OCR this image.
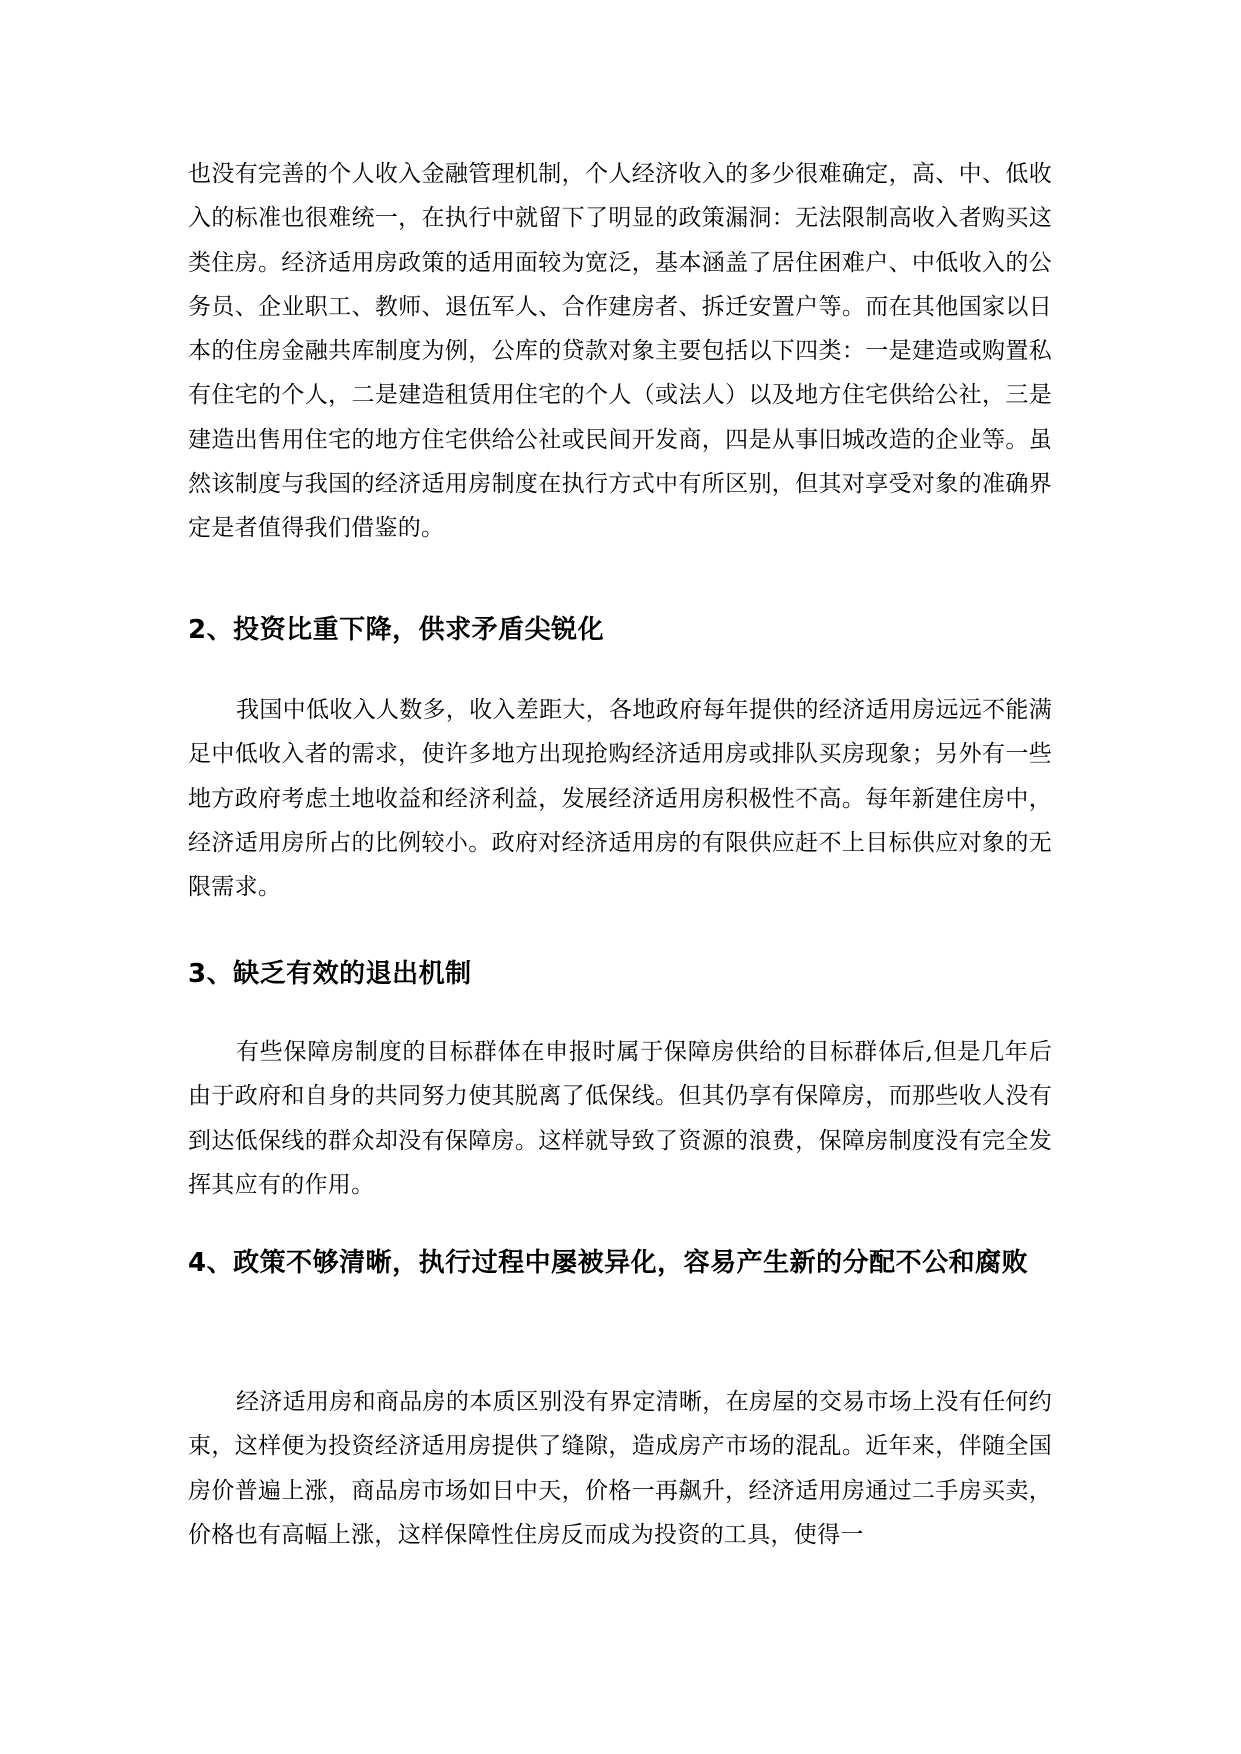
也没有完善的个人收入金融管理机制，个人经济收入的多少很难确定，高、中、低收入的标准也很难统一，在执行中就留下了明显的政策漏洞：无法限制高收入者购买这类住房。经济适用房政策的适用面较为宽泛，基本涵盖了居住困难户、中低收入的公务员、企业职工、教师、退伍军人、合作建房者、拆迁安置户等。而在其他国家以日本的住房金融共库制度为例，公库的贷款对象主要包括以下四类：一是建造或购置私有住宅的个人，二是建造租赁用住宅的个人（或法人）以及地方住宅供给公社，三是建造出售用住宅的地方住宅供给公社或民间开发商，四是从事旧城改造的企业等。虽然该制度与我国的经济适用房制度在执行方式中有所区别，但其对享受对象的准确界定是者值得我们借鉴的。

2、投资比重下降，供求矛盾尖锐化

我国中低收入人数多，收入差距大，各地政府每年提供的经济适用房远远不能满足中低收入者的需求，使许多地方出现抢购经济适用房或排队买房现象；另外有一些地方政府考虑土地收益和经济利益，发展经济适用房积极性不高。每年新建住房中，经济适用房所占的比例较小。政府对经济适用房的有限供应赶不上目标供应对象的无限需求。

3、缺乏有效的退出机制

有些保障房制度的目标群体在申报时属于保障房供给的目标群体后,但是几年后由于政府和自身的共同努力使其脱离了低保线。但其仍享有保障房，而那些收人没有到达低保线的群众却没有保障房。这样就导致了资源的浪费，保障房制度没有完全发挥其应有的作用。

4、政策不够清晰，执行过程中屡被异化，容易产生新的分配不公和腐败

经济适用房和商品房的本质区别没有界定清晰，在房屋的交易市场上没有任何约束，这样便为投资经济适用房提供了缝隙，造成房产市场的混乱。近年来，伴随全国房价普遍上涨，商品房市场如日中天，价格一再飙升，经济适用房通过二手房买卖，价格也有高幅上涨，这样保障性住房反而成为投资的工具，使得一
